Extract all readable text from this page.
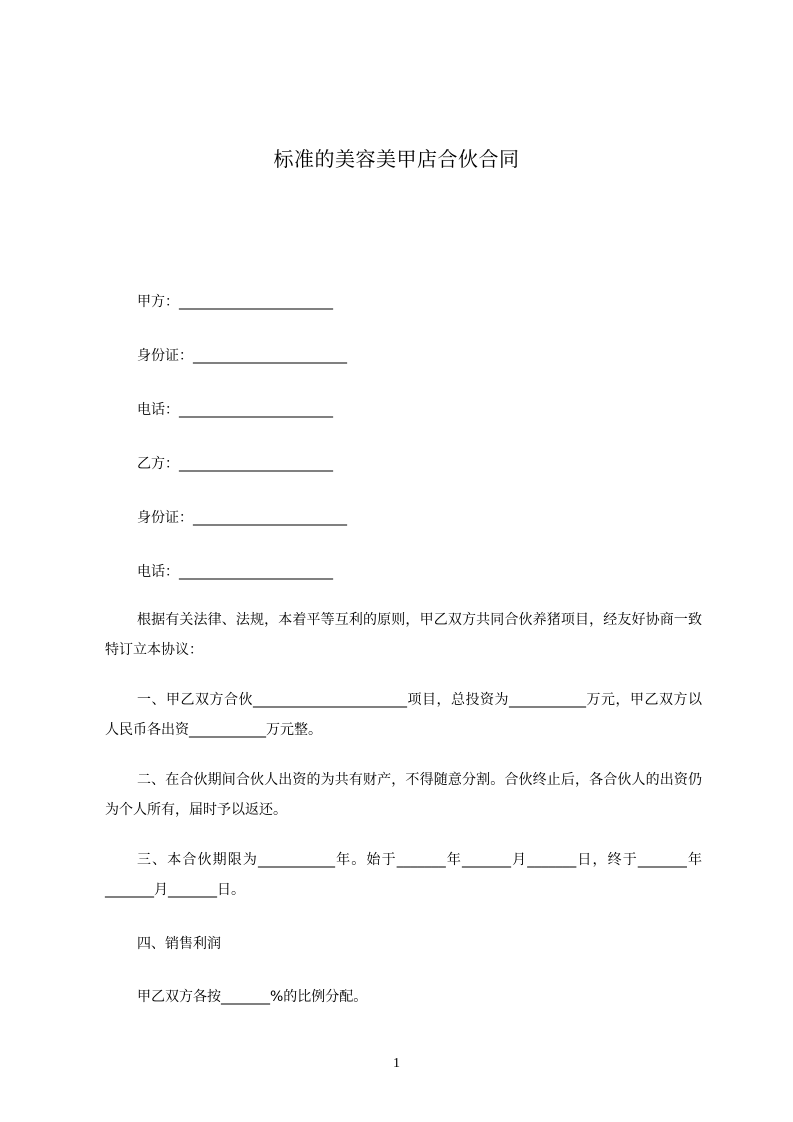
标准的美容美甲店合伙合同
甲方：______________________
身份证：______________________
电话：______________________
乙方：______________________
身份证：______________________
电话：______________________
根据有关法律、法规，本着平等互利的原则，甲乙双方共同合伙养猪项目，经友好协商一致特订立本协议：
一、甲乙双方合伙______________________项目，总投资为___________万元，甲乙双方以人民币各出资___________万元整。
二、在合伙期间合伙人出资的为共有财产，不得随意分割。合伙终止后，各合伙人的出资仍为个人所有，届时予以返还。
三、本合伙期限为___________年。始于_______年_______月_______日，终于_______年_______月_______日。
四、销售利润
甲乙双方各按_______%的比例分配。
1
